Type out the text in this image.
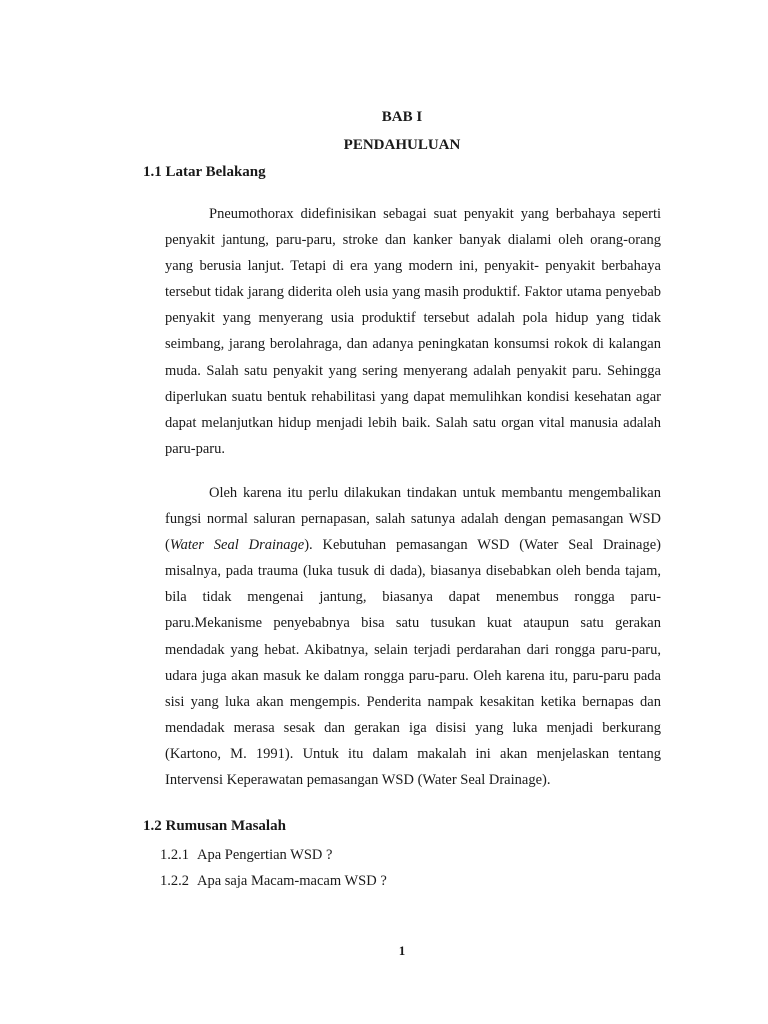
BAB I
PENDAHULUAN
1.1 Latar Belakang

Pneumothorax didefinisikan sebagai suat penyakit yang berbahaya seperti penyakit jantung, paru-paru, stroke dan kanker banyak dialami oleh orang-orang yang berusia lanjut. Tetapi di era yang modern ini, penyakit- penyakit berbahaya tersebut tidak jarang diderita oleh usia yang masih produktif. Faktor utama penyebab penyakit yang menyerang usia produktif tersebut adalah pola hidup yang tidak seimbang, jarang berolahraga, dan adanya peningkatan konsumsi rokok di kalangan muda. Salah satu penyakit yang sering menyerang adalah penyakit paru. Sehingga diperlukan suatu bentuk rehabilitasi yang dapat memulihkan kondisi kesehatan agar dapat melanjutkan hidup menjadi lebih baik. Salah satu organ vital manusia adalah paru-paru.

Oleh karena itu perlu dilakukan tindakan untuk membantu mengembalikan fungsi normal saluran pernapasan, salah satunya adalah dengan pemasangan WSD (Water Seal Drainage). Kebutuhan pemasangan WSD (Water Seal Drainage) misalnya, pada trauma (luka tusuk di dada), biasanya disebabkan oleh benda tajam, bila tidak mengenai jantung, biasanya dapat menembus rongga paru-paru.Mekanisme penyebabnya bisa satu tusukan kuat ataupun satu gerakan mendadak yang hebat. Akibatnya, selain terjadi perdarahan dari rongga paru-paru, udara juga akan masuk ke dalam rongga paru-paru. Oleh karena itu, paru-paru pada sisi yang luka akan mengempis. Penderita nampak kesakitan ketika bernapas dan mendadak merasa sesak dan gerakan iga disisi yang luka menjadi berkurang (Kartono, M. 1991). Untuk itu dalam makalah ini akan menjelaskan tentang Intervensi Keperawatan pemasangan WSD (Water Seal Drainage).

1.2 Rumusan Masalah
1.2.1 Apa Pengertian WSD ?
1.2.2 Apa saja Macam-macam WSD ?
1
